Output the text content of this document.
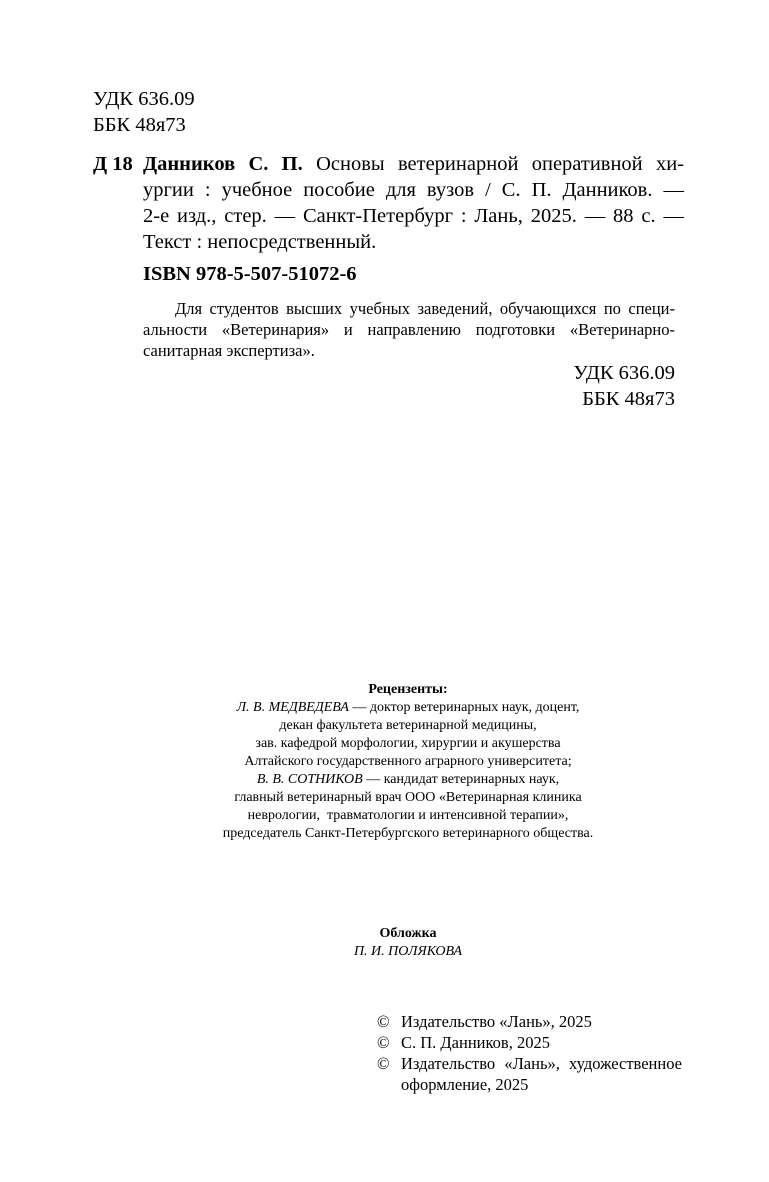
УДК 636.09
ББК 48я73
Д 18 Данников С. П. Основы ветеринарной оперативной хи-
ургии : учебное пособие для вузов / С. П. Данников. —
2-е изд., стер. — Санкт-Петербург : Лань, 2025. — 88 с. —
Текст : непосредственный.
ISBN 978-5-507-51072-6
Для студентов высших учебных заведений, обучающихся по специ-
альности «Ветеринария» и направлению подготовки «Ветеринарно-
санитарная экспертиза».
УДК 636.09
ББК 48я73
Рецензенты:
Л. В. МЕДВЕДЕВА — доктор ветеринарных наук, доцент,
декан факультета ветеринарной медицины,
зав. кафедрой морфологии, хирургии и акушерства
Алтайского государственного аграрного университета;
В. В. СОТНИКОВ — кандидат ветеринарных наук,
главный ветеринарный врач ООО «Ветеринарная клиника
неврологии,  травматологии и интенсивной терапии»,
председатель Санкт-Петербургского ветеринарного общества.
Обложка
П. И. ПОЛЯКОВА
© Издательство «Лань», 2025
© С. П. Данников, 2025
© Издательство «Лань», художественное
оформление, 2025
